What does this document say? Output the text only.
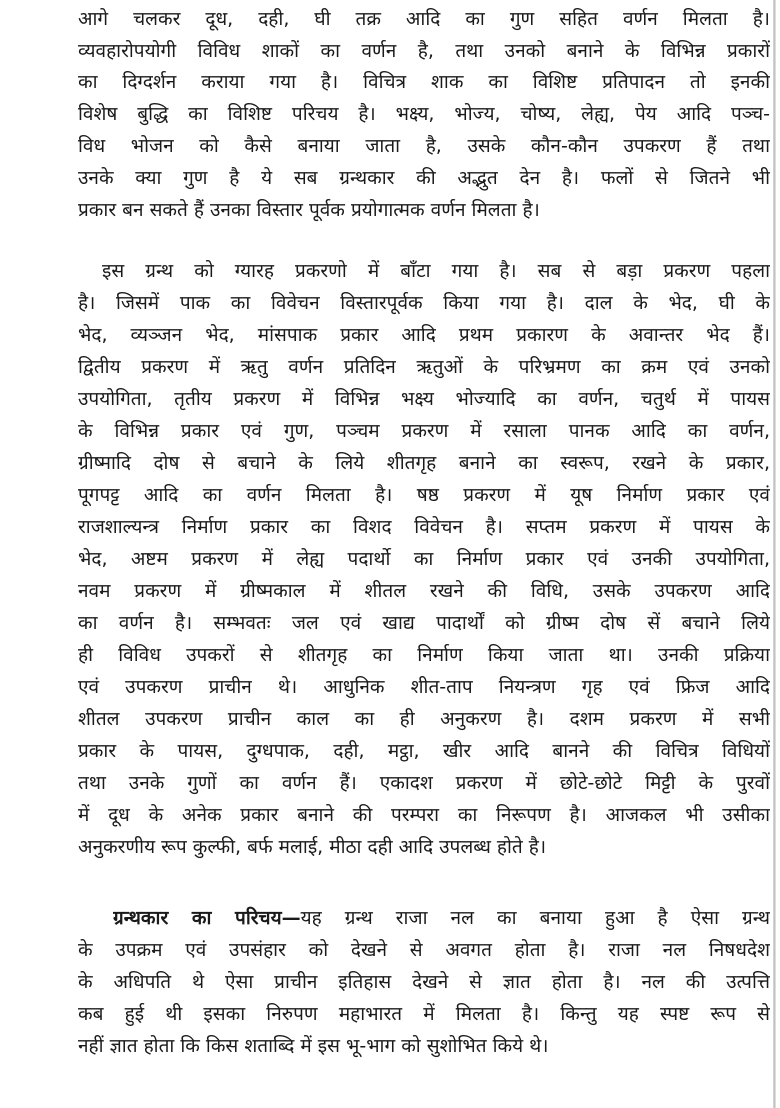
आगे चलकर दूध, दही, घी तक्र आदि का गुण सहित वर्णन मिलता है।
व्यवहारोपयोगी विविध शाकों का वर्णन है, तथा उनको बनाने के विभिन्न प्रकारों
का दिग्दर्शन कराया गया है। विचित्र शाक का विशिष्ट प्रतिपादन तो इनकी
विशेष बुद्धि का विशिष्ट परिचय है। भक्ष्य, भोज्य, चोष्य, लेह्य, पेय आदि पञ्च-
विध भोजन को कैसे बनाया जाता है, उसके कौन-कौन उपकरण हैं तथा
उनके क्या गुण है ये सब ग्रन्थकार की अद्भुत देन है। फलों से जितने भी
प्रकार बन सकते हैं उनका विस्तार पूर्वक प्रयोगात्मक वर्णन मिलता है।
इस ग्रन्थ को ग्यारह प्रकरणो में बाँटा गया है। सब से बड़ा प्रकरण पहला
है। जिसमें पाक का विवेचन विस्तारपूर्वक किया गया है। दाल के भेद, घी के
भेद, व्यञ्जन भेद, मांसपाक प्रकार आदि प्रथम प्रकारण के अवान्तर भेद हैं।
द्वितीय प्रकरण में ऋतु वर्णन प्रतिदिन ऋतुओं के परिभ्रमण का क्रम एवं उनको
उपयोगिता, तृतीय प्रकरण में विभिन्न भक्ष्य भोज्यादि का वर्णन, चतुर्थ में पायस
के विभिन्न प्रकार एवं गुण, पञ्चम प्रकरण में रसाला पानक आदि का वर्णन,
ग्रीष्मादि दोष से बचाने के लिये शीतगृह बनाने का स्वरूप, रखने के प्रकार,
पूगपट्ट आदि का वर्णन मिलता है। षष्ठ प्रकरण में यूष निर्माण प्रकार एवं
राजशाल्यन्त्र निर्माण प्रकार का विशद विवेचन है। सप्तम प्रकरण में पायस के
भेद, अष्टम प्रकरण में लेह्य पदार्थो का निर्माण प्रकार एवं उनकी उपयोगिता,
नवम प्रकरण में ग्रीष्मकाल में शीतल रखने की विधि, उसके उपकरण आदि
का वर्णन है। सम्भवतः जल एवं खाद्य पादार्थों को ग्रीष्म दोष सें बचाने लिये
ही विविध उपकरों से शीतगृह का निर्माण किया जाता था। उनकी प्रक्रिया
एवं उपकरण प्राचीन थे। आधुनिक शीत-ताप नियन्त्रण गृह एवं फ्रिज आदि
शीतल उपकरण प्राचीन काल का ही अनुकरण है। दशम प्रकरण में सभी
प्रकार के पायस, दुग्धपाक, दही, मट्ठा, खीर आदि बानने की विचित्र विधियों
तथा उनके गुणों का वर्णन हैं। एकादश प्रकरण में छोटे-छोटे मिट्टी के पुरवों
में दूध के अनेक प्रकार बनाने की परम्परा का निरूपण है। आजकल भी उसीका
अनुकरणीय रूप कुल्फी, बर्फ मलाई, मीठा दही आदि उपलब्ध होते है।
ग्रन्थकार का परिचय—यह ग्रन्थ राजा नल का बनाया हुआ है ऐसा ग्रन्थ
के उपक्रम एवं उपसंहार को देखने से अवगत होता है। राजा नल निषधदेश
के अधिपति थे ऐसा प्राचीन इतिहास देखने से ज्ञात होता है। नल की उत्पत्ति
कब हुई थी इसका निरुपण महाभारत में मिलता है। किन्तु यह स्पष्ट रूप से
नहीं ज्ञात होता कि किस शताब्दि में इस भू-भाग को सुशोभित किये थे।
